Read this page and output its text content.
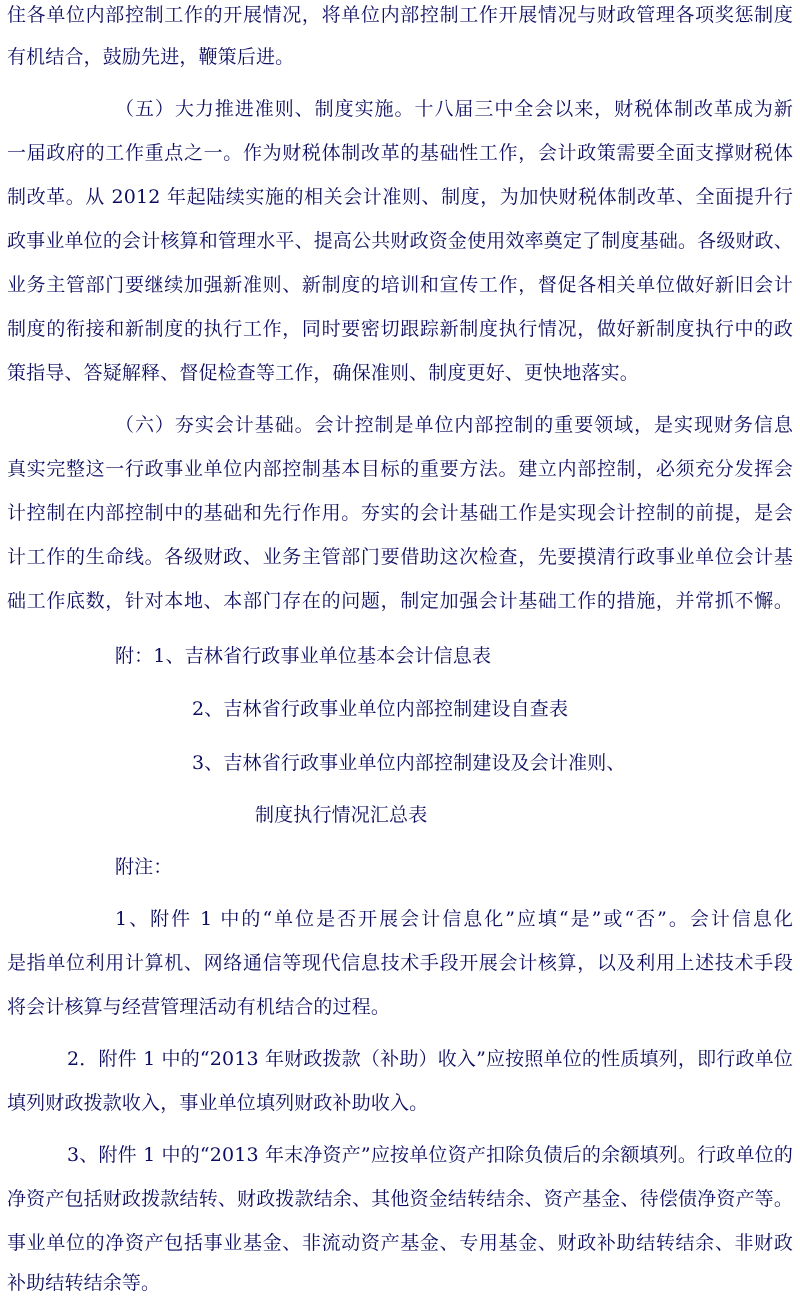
住各单位内部控制工作的开展情况，将单位内部控制工作开展情况与财政管理各项奖惩制度
有机结合，鼓励先进，鞭策后进。
（五）大力推进准则、制度实施。十八届三中全会以来，财税体制改革成为新
一届政府的工作重点之一。作为财税体制改革的基础性工作，会计政策需要全面支撑财税体
制改革。从 2012 年起陆续实施的相关会计准则、制度，为加快财税体制改革、全面提升行
政事业单位的会计核算和管理水平、提高公共财政资金使用效率奠定了制度基础。各级财政、
业务主管部门要继续加强新准则、新制度的培训和宣传工作，督促各相关单位做好新旧会计
制度的衔接和新制度的执行工作，同时要密切跟踪新制度执行情况，做好新制度执行中的政
策指导、答疑解释、督促检查等工作，确保准则、制度更好、更快地落实。
（六）夯实会计基础。会计控制是单位内部控制的重要领域，是实现财务信息
真实完整这一行政事业单位内部控制基本目标的重要方法。建立内部控制，必须充分发挥会
计控制在内部控制中的基础和先行作用。夯实的会计基础工作是实现会计控制的前提，是会
计工作的生命线。各级财政、业务主管部门要借助这次检查，先要摸清行政事业单位会计基
础工作底数，针对本地、本部门存在的问题，制定加强会计基础工作的措施，并常抓不懈。
附：1、吉林省行政事业单位基本会计信息表
2、吉林省行政事业单位内部控制建设自查表
3、吉林省行政事业单位内部控制建设及会计准则、
制度执行情况汇总表
附注：
1、附件 1 中的“单位是否开展会计信息化”应填“是”或“否”。会计信息化
是指单位利用计算机、网络通信等现代信息技术手段开展会计核算，以及利用上述技术手段
将会计核算与经营管理活动有机结合的过程。
2．附件 1 中的“2013 年财政拨款（补助）收入”应按照单位的性质填列，即行政单位
填列财政拨款收入，事业单位填列财政补助收入。
3、附件 1 中的“2013 年末净资产”应按单位资产扣除负债后的余额填列。行政单位的
净资产包括财政拨款结转、财政拨款结余、其他资金结转结余、资产基金、待偿债净资产等。
事业单位的净资产包括事业基金、非流动资产基金、专用基金、财政补助结转结余、非财政
补助结转结余等。
